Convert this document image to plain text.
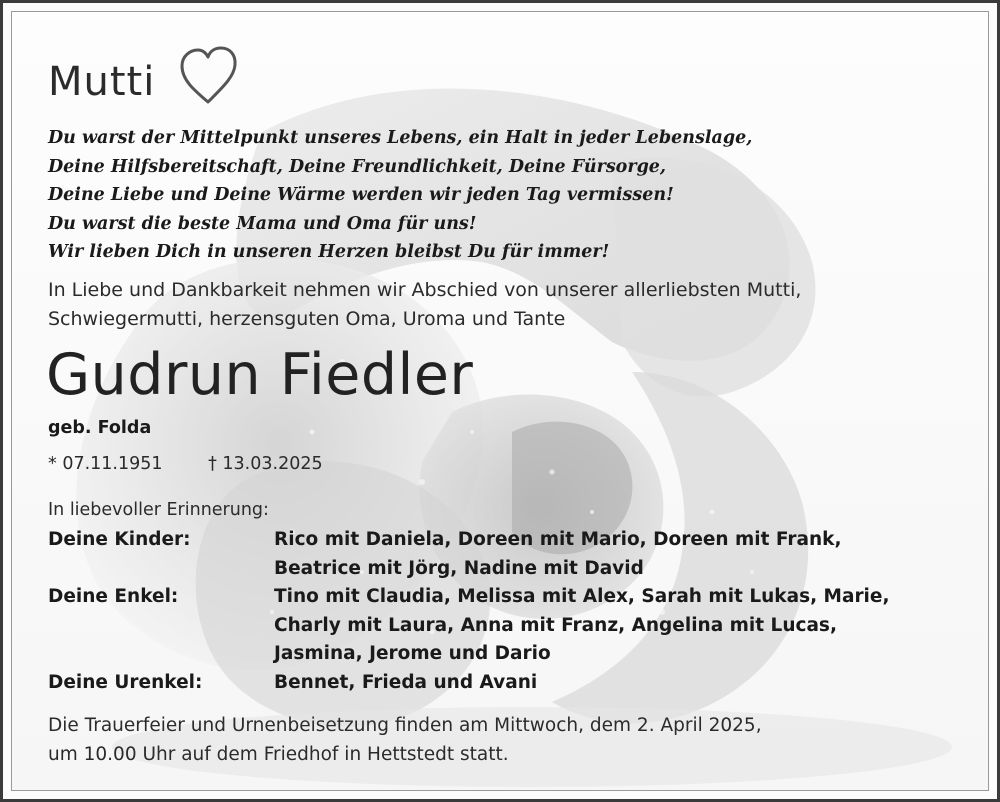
Mutti
Du warst der Mittelpunkt unseres Lebens, ein Halt in jeder Lebenslage,
Deine Hilfsbereitschaft, Deine Freundlichkeit, Deine Fürsorge,
Deine Liebe und Deine Wärme werden wir jeden Tag vermissen!
Du warst die beste Mama und Oma für uns!
Wir lieben Dich in unseren Herzen bleibst Du für immer!
In Liebe und Dankbarkeit nehmen wir Abschied von unserer allerliebsten Mutti,
Schwiegermutti, herzensguten Oma, Uroma und Tante
Gudrun Fiedler
geb. Folda
* 07.11.1951	† 13.03.2025
In liebevoller Erinnerung:
Deine Kinder:	Rico mit Daniela, Doreen mit Mario, Doreen mit Frank,
Beatrice mit Jörg, Nadine mit David
Deine Enkel:	Tino mit Claudia, Melissa mit Alex, Sarah mit Lukas, Marie,
Charly mit Laura, Anna mit Franz, Angelina mit Lucas,
Jasmina, Jerome und Dario
Deine Urenkel:	Bennet, Frieda und Avani
Die Trauerfeier und Urnenbeisetzung finden am Mittwoch, dem 2. April 2025,
um 10.00 Uhr auf dem Friedhof in Hettstedt statt.
